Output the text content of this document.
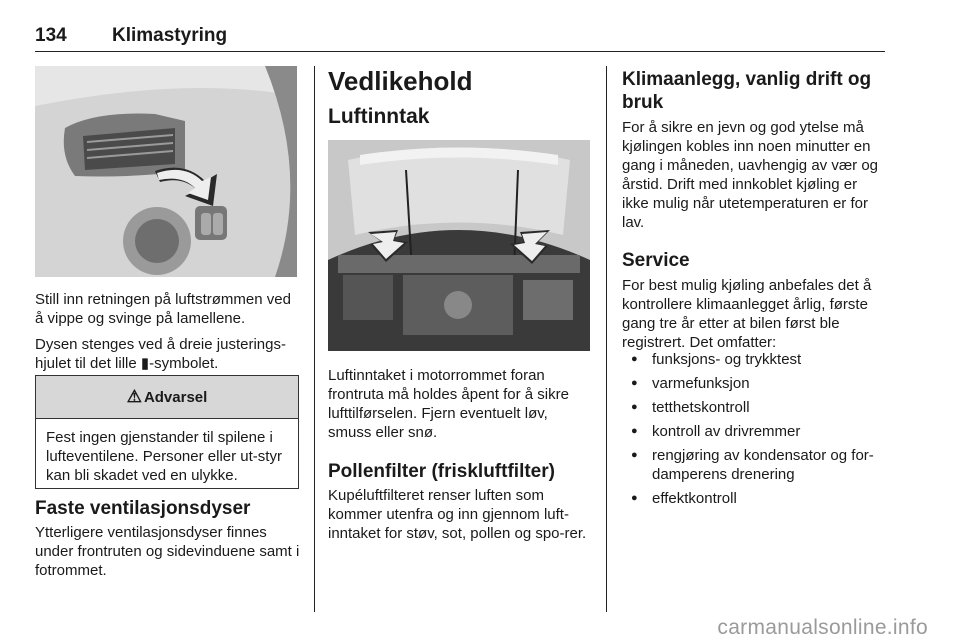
134 Klimastyring

Still inn retningen på luftstrømmen ved å vippe og svinge på lamellene.

Dysen stenges ved å dreie justerings-hjulet til det lille ▮-symbolet.

⚠ Advarsel
Fest ingen gjenstander til spilene i lufteventilene. Personer eller ut-styr kan bli skadet ved en ulykke.
Faste ventilasjonsdyser

Ytterligere ventilasjonsdyser finnes under frontruten og sidevinduene samt i fotrommet.

Vedlikehold
Luftinntak

Luftinntaket i motorrommet foran frontruta må holdes åpent for å sikre lufttilførselen. Fjern eventuelt løv, smuss eller snø.

Pollenfilter (friskluftfilter)

Kupéluftfilteret renser luften som kommer utenfra og inn gjennom luft-inntaket for støv, sot, pollen og spo-rer.

Klimaanlegg, vanlig drift og bruk

For å sikre en jevn og god ytelse må kjølingen kobles inn noen minutter en gang i måneden, uavhengig av vær og årstid. Drift med innkoblet kjøling er ikke mulig når utetemperaturen er for lav.

Service

For best mulig kjøling anbefales det å kontrollere klimaanlegget årlig, første gang tre år etter at bilen først ble registrert. Det omfatter:

● funksjons- og trykktest
● varmefunksjon
● tetthetskontroll
● kontroll av drivremmer
● rengjøring av kondensator og for-damperens drenering
● effektkontroll
carmanualsonline.info
